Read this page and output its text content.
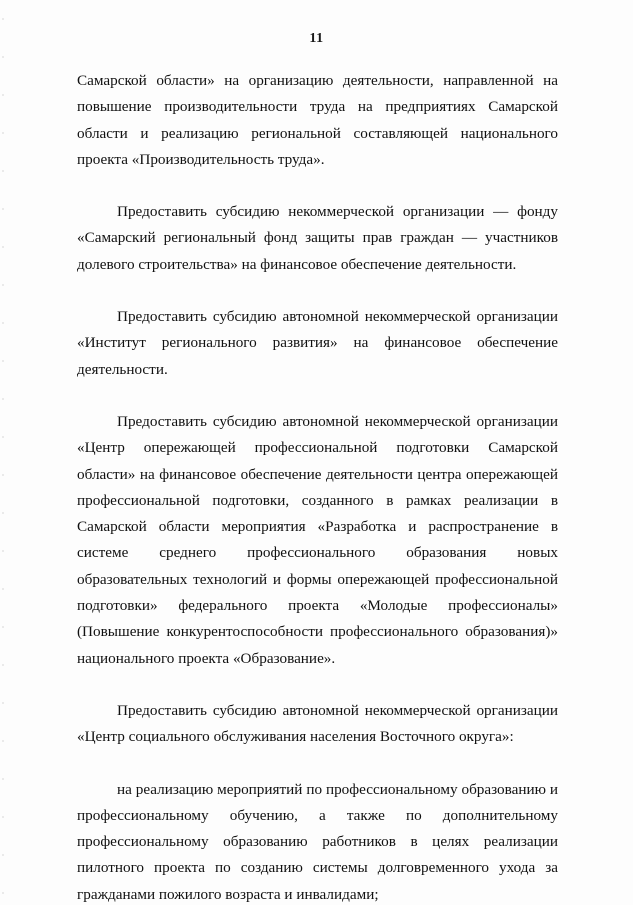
11

Самарской области» на организацию деятельности, направленной на повышение производительности труда на предприятиях Самарской области и реализацию региональной составляющей национального проекта «Производительность труда».

Предоставить субсидию некоммерческой организации — фонду «Самарский региональный фонд защиты прав граждан — участников долевого строительства» на финансовое обеспечение деятельности.

Предоставить субсидию автономной некоммерческой организации «Институт регионального развития» на финансовое обеспечение деятельности.

Предоставить субсидию автономной некоммерческой организации «Центр опережающей профессиональной подготовки Самарской области» на финансовое обеспечение деятельности центра опережающей профессиональной подготовки, созданного в рамках реализации в Самарской области мероприятия «Разработка и распространение в системе среднего профессионального образования новых образовательных технологий и формы опережающей профессиональной подготовки» федерального проекта «Молодые профессионалы» (Повышение конкурентоспособности профессионального образования)» национального проекта «Образование».

Предоставить субсидию автономной некоммерческой организации «Центр социального обслуживания населения Восточного округа»:

на реализацию мероприятий по профессиональному образованию и профессиональному обучению, а также по дополнительному профессиональному образованию работников в целях реализации пилотного проекта по созданию системы долговременного ухода за гражданами пожилого возраста и инвалидами;
